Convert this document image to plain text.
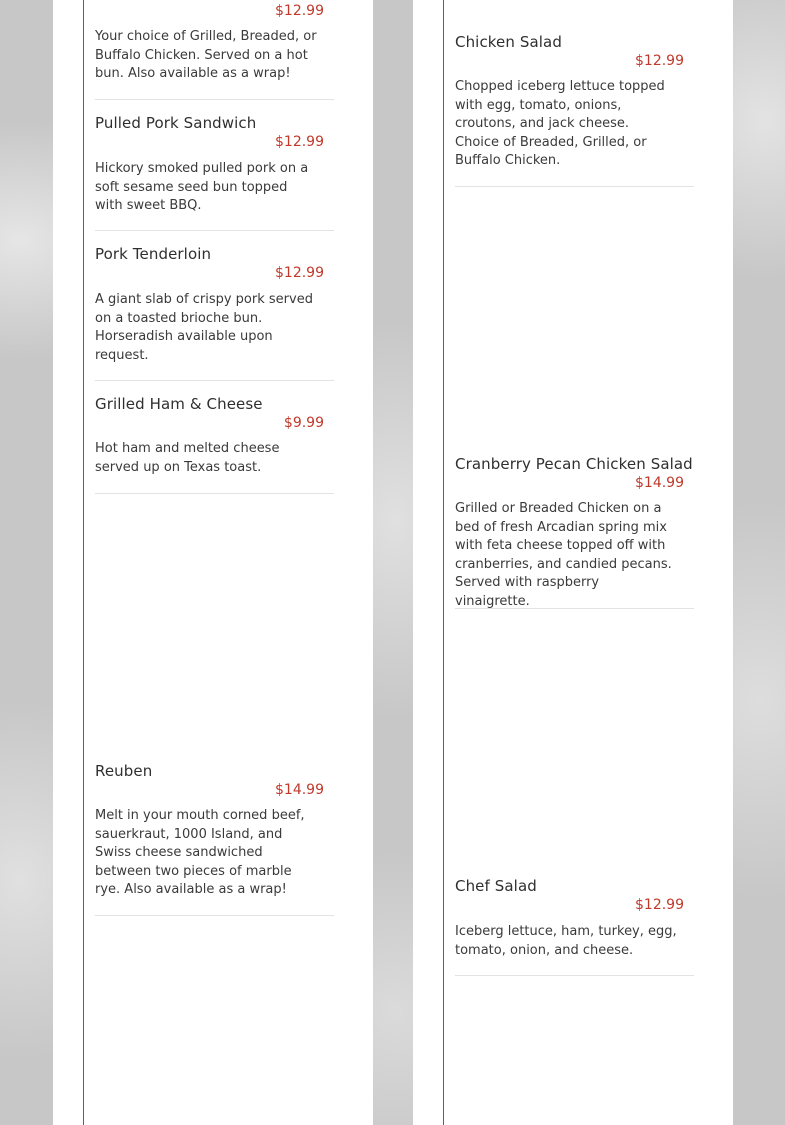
$12.99
Your choice of Grilled, Breaded, or Buffalo Chicken. Served on a hot bun. Also available as a wrap!
Pulled Pork Sandwich
$12.99
Hickory smoked pulled pork on a soft sesame seed bun topped with sweet BBQ.
Pork Tenderloin
$12.99
A giant slab of crispy pork served on a toasted brioche bun. Horseradish available upon request.
Grilled Ham & Cheese
$9.99
Hot ham and melted cheese served up on Texas toast.
Reuben
$14.99
Melt in your mouth corned beef, sauerkraut, 1000 Island, and Swiss cheese sandwiched between two pieces of marble rye. Also available as a wrap!
Chicken Salad
$12.99
Chopped iceberg lettuce topped with egg, tomato, onions, croutons, and jack cheese. Choice of Breaded, Grilled, or Buffalo Chicken.
Cranberry Pecan Chicken Salad
$14.99
Grilled or Breaded Chicken on a bed of fresh Arcadian spring mix with feta cheese topped off with cranberries, and candied pecans. Served with raspberry vinaigrette.
Chef Salad
$12.99
Iceberg lettuce, ham, turkey, egg, tomato, onion, and cheese.
